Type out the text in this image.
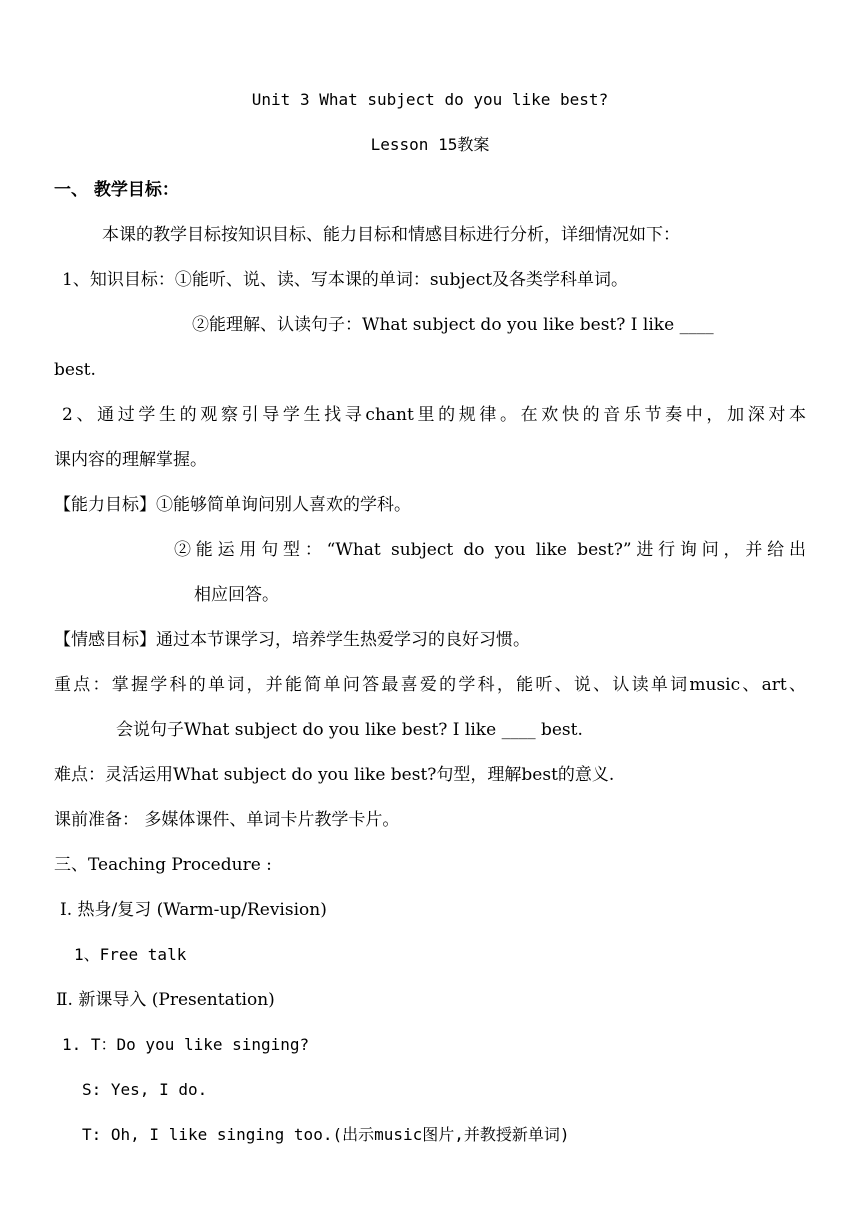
Unit 3 What subject do you like best?
Lesson 15教案
一、 教学目标：
本课的教学目标按知识目标、能力目标和情感目标进行分析，详细情况如下：
1、知识目标：①能听、说、读、写本课的单词：subject及各类学科单词。
②能理解、认读句子：What subject do you like best? I like ____
best.
2、通过学生的观察引导学生找寻chant里的规律。在欢快的音乐节奏中，加深对本
课内容的理解掌握。
【能力目标】①能够简单询问别人喜欢的学科。
②能运用句型：“What subject do you like best?”进行询问，并给出
相应回答。
【情感目标】通过本节课学习，培养学生热爱学习的良好习惯。
重点：掌握学科的单词，并能简单问答最喜爱的学科，能听、说、认读单词music、art、
会说句子What subject do you like best? I like ____ best.
难点：灵活运用What subject do you like best?句型，理解best的意义.
课前准备： 多媒体课件、单词卡片教学卡片。
三、Teaching Procedure :
Ⅰ. 热身/复习 (Warm-up/Revision)
1、Free talk
Ⅱ. 新课导入 (Presentation)
1. T：Do you like singing?
S: Yes, I do.
T: Oh, I like singing too.(出示music图片,并教授新单词)
